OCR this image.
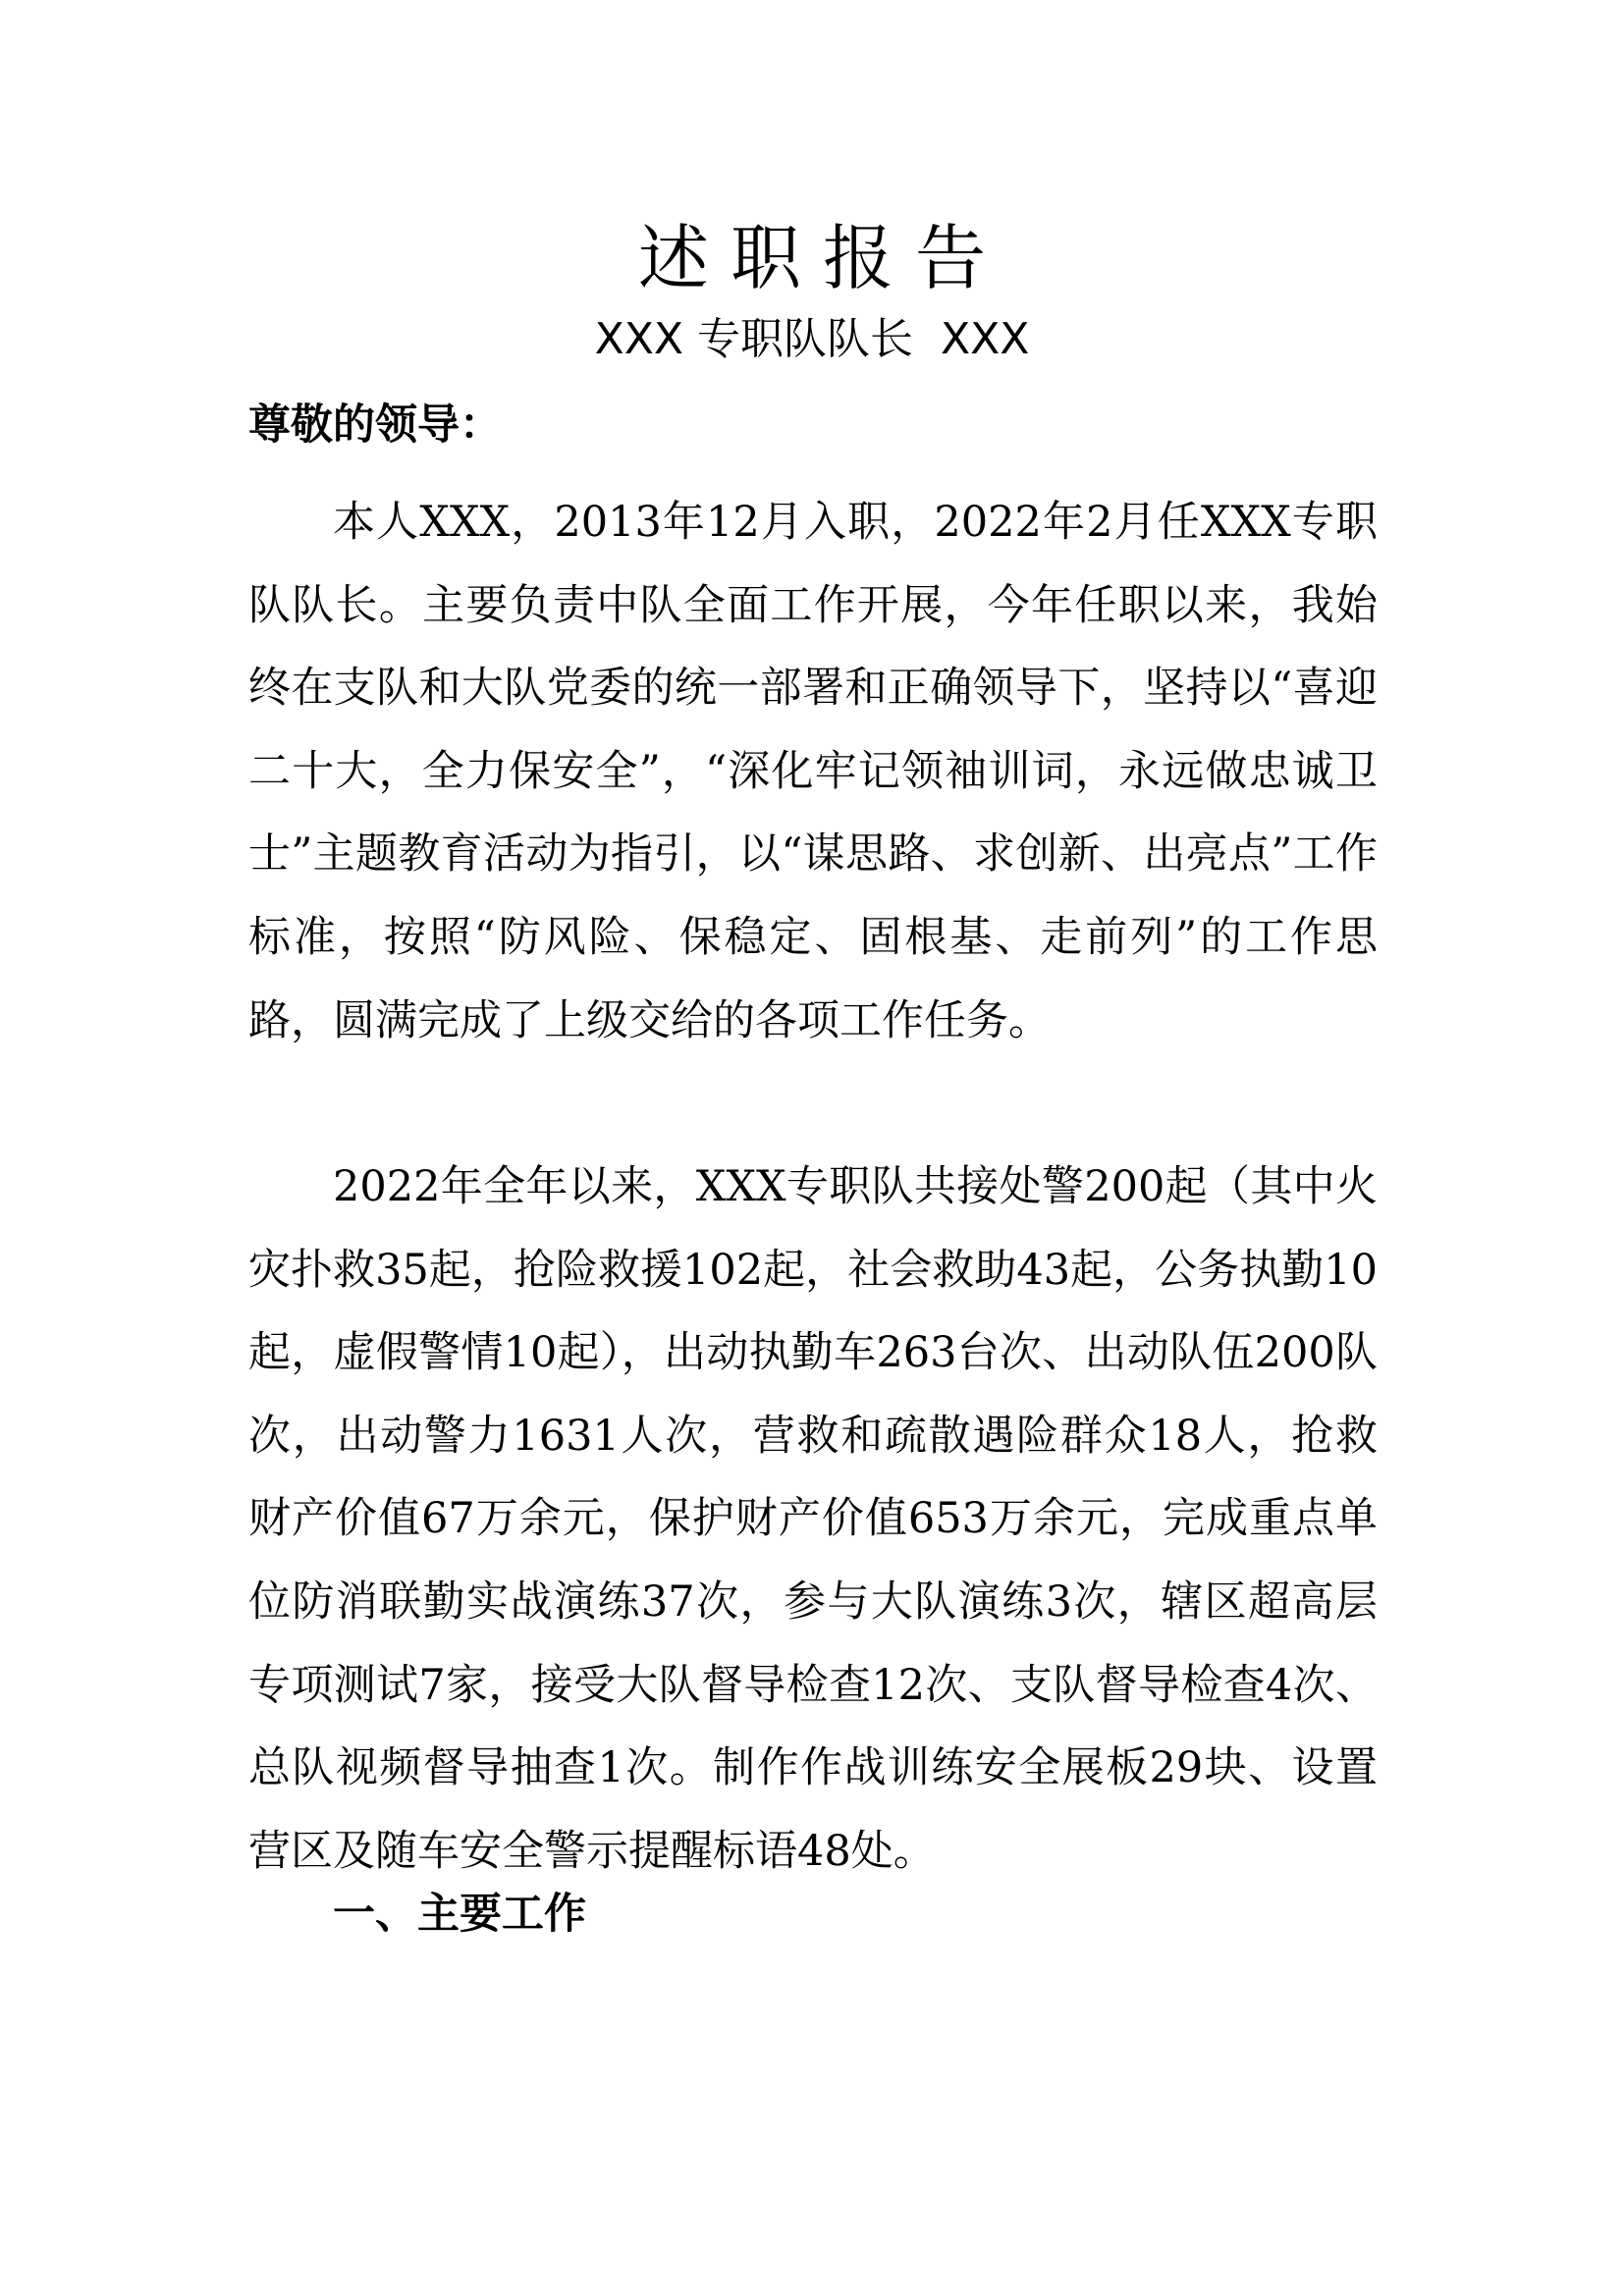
述职报告
XXX 专职队队长  XXX
尊敬的领导：

本人XXX，2013年12月入职，2022年2月任XXX专职队队长。主要负责中队全面工作开展，今年任职以来，我始终在支队和大队党委的统一部署和正确领导下，坚持以“喜迎二十大，全力保安全”，“深化牢记领袖训词，永远做忠诚卫士”主题教育活动为指引，以“谋思路、求创新、出亮点”工作标准，按照“防风险、保稳定、固根基、走前列”的工作思路，圆满完成了上级交给的各项工作任务。

2022年全年以来，XXX专职队共接处警200起（其中火灾扑救35起，抢险救援102起，社会救助43起，公务执勤10起，虚假警情10起），出动执勤车263台次、出动队伍200队次，出动警力1631人次，营救和疏散遇险群众18人，抢救财产价值67万余元，保护财产价值653万余元，完成重点单位防消联勤实战演练37次，参与大队演练3次，辖区超高层专项测试7家，接受大队督导检查12次、支队督导检查4次、总队视频督导抽查1次。制作作战训练安全展板29块、设置营区及随车安全警示提醒标语48处。

一、主要工作
